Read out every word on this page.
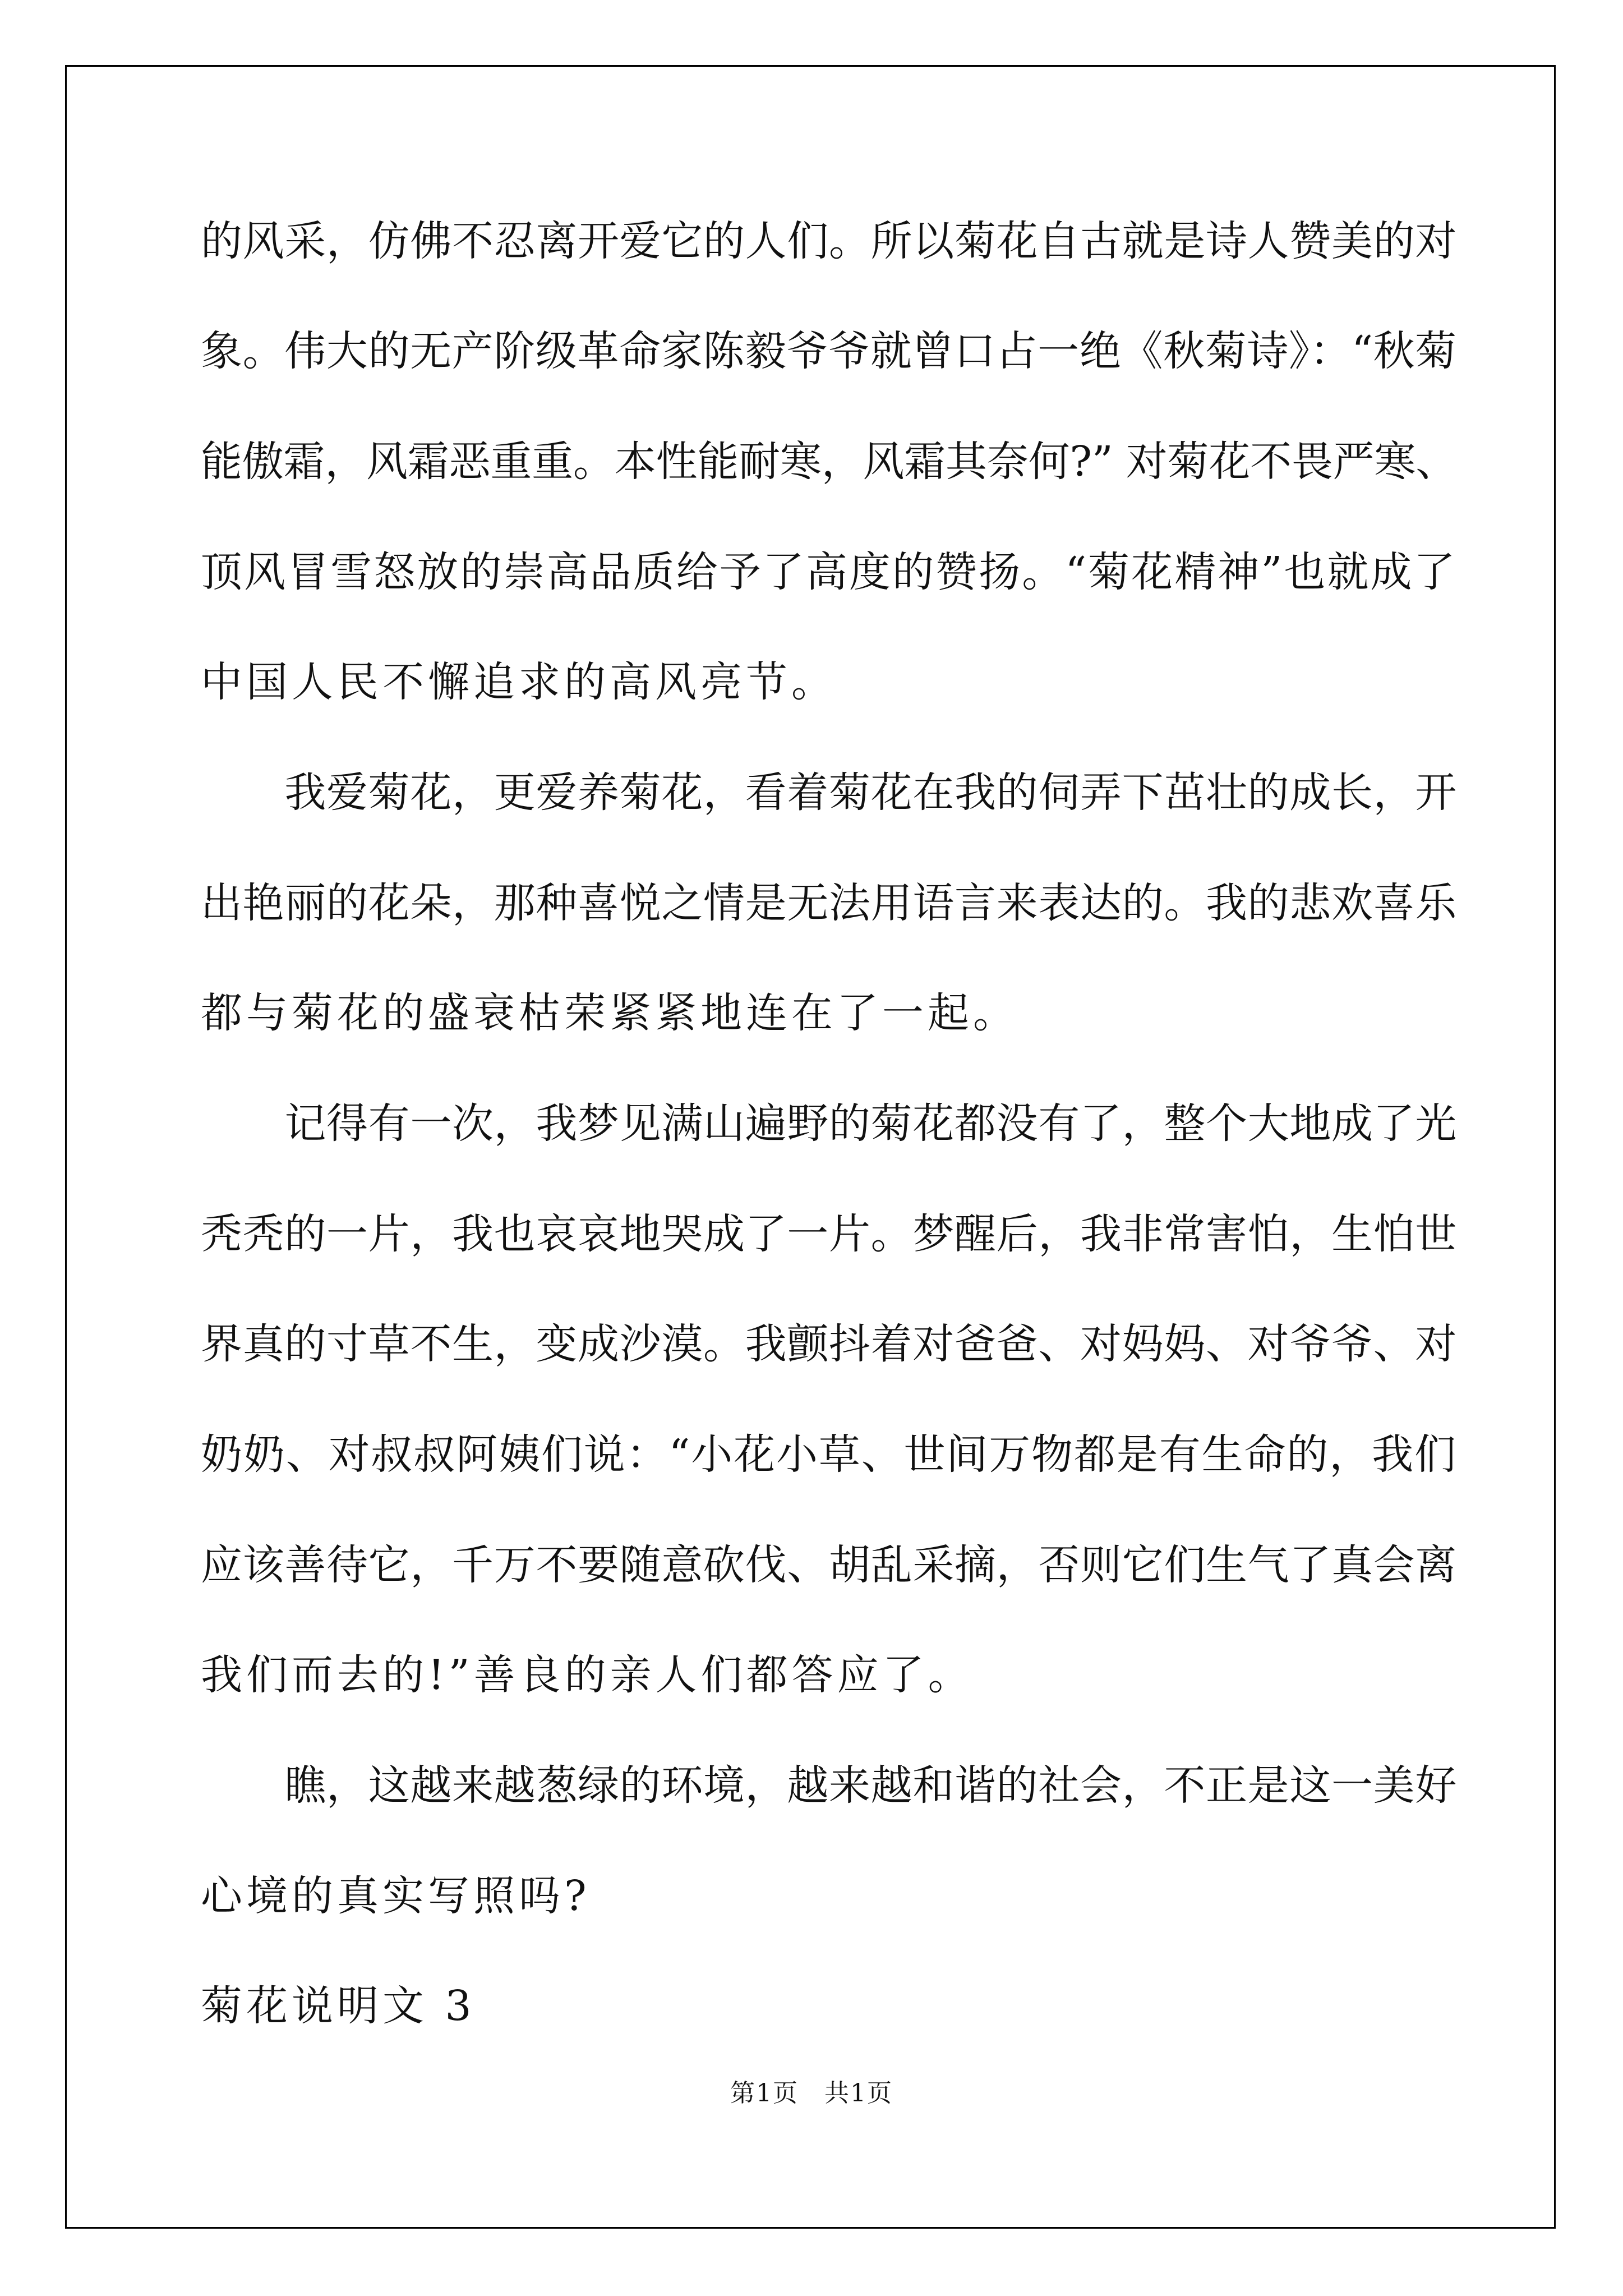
的风采，仿佛不忍离开爱它的人们。所以菊花自古就是诗人赞美的对
象。伟大的无产阶级革命家陈毅爷爷就曾口占一绝《秋菊诗》：“秋菊
能傲霜，风霜恶重重。本性能耐寒，风霜其奈何?” 对菊花不畏严寒、
顶风冒雪怒放的崇高品质给予了高度的赞扬。“菊花精神”也就成了
中国人民不懈追求的高风亮节。
　　我爱菊花，更爱养菊花，看着菊花在我的伺弄下茁壮的成长，开
出艳丽的花朵，那种喜悦之情是无法用语言来表达的。我的悲欢喜乐
都与菊花的盛衰枯荣紧紧地连在了一起。
　　记得有一次，我梦见满山遍野的菊花都没有了，整个大地成了光
秃秃的一片，我也哀哀地哭成了一片。梦醒后，我非常害怕，生怕世
界真的寸草不生，变成沙漠。我颤抖着对爸爸、对妈妈、对爷爷、对
奶奶、对叔叔阿姨们说：“小花小草、世间万物都是有生命的，我们
应该善待它，千万不要随意砍伐、胡乱采摘，否则它们生气了真会离
我们而去的!”善良的亲人们都答应了。
　　瞧，这越来越葱绿的环境，越来越和谐的社会，不正是这一美好
心境的真实写照吗?
菊花说明文 3
第1页　共1页
